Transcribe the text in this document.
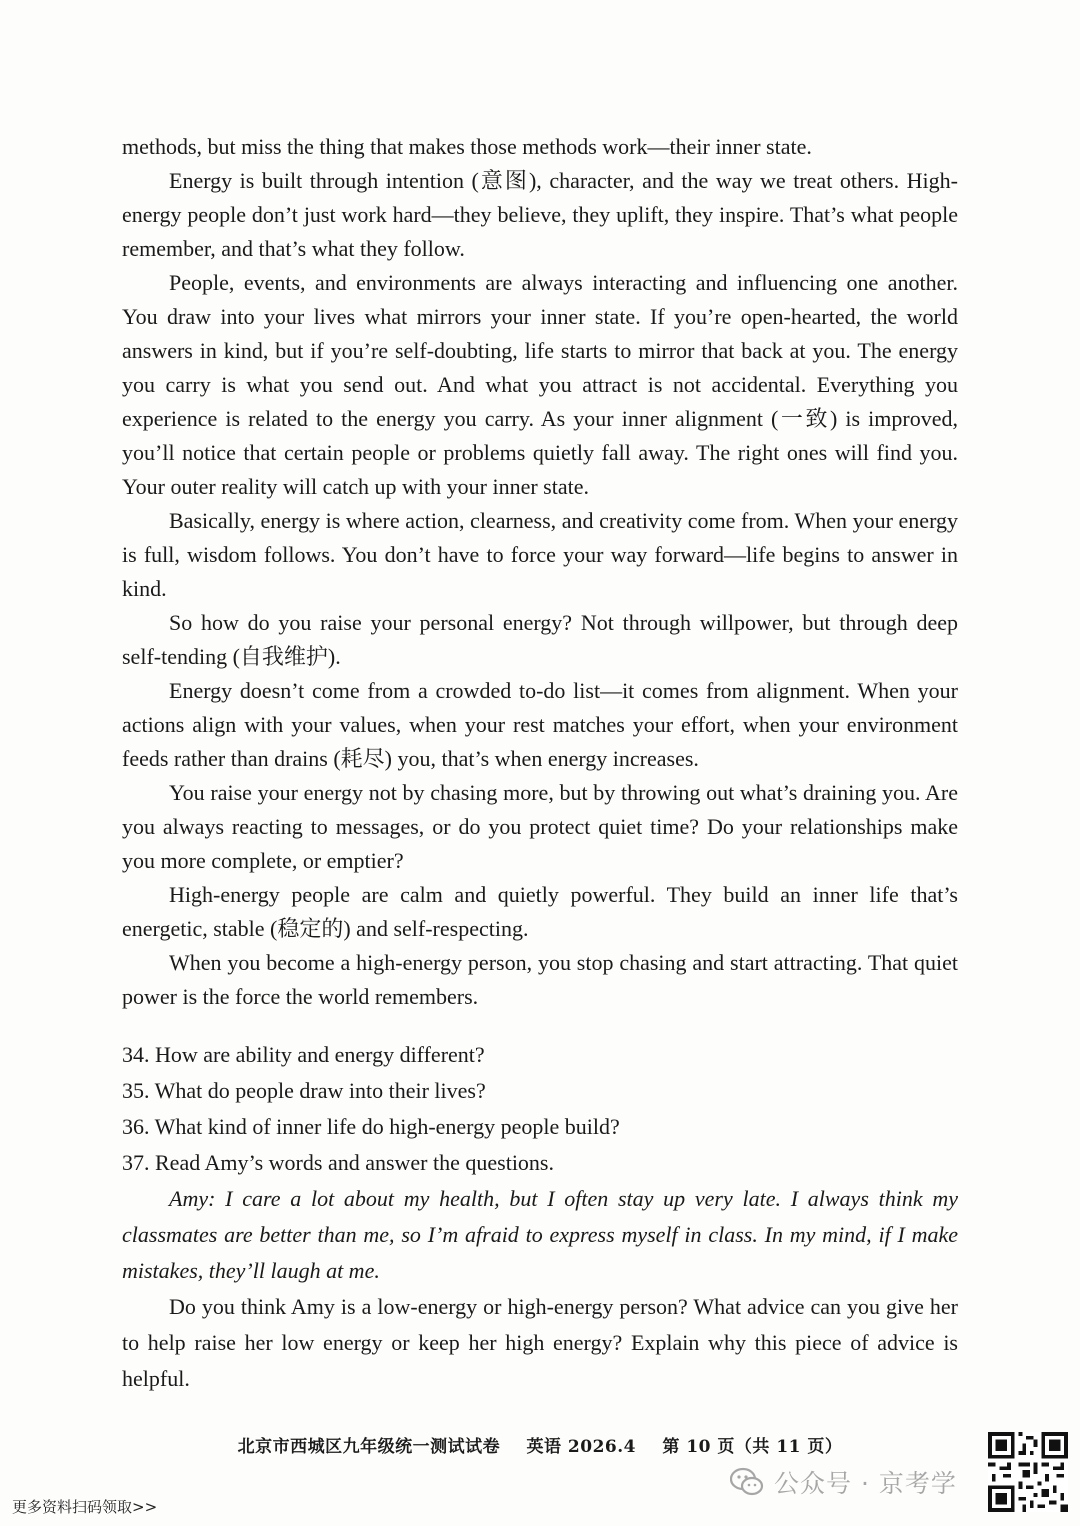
methods, but miss the thing that makes those methods work—their inner state.

Energy is built through intention (意图), character, and the way we treat others. High-energy people don’t just work hard—they believe, they uplift, they inspire. That’s what people remember, and that’s what they follow.

People, events, and environments are always interacting and influencing one another. You draw into your lives what mirrors your inner state. If you’re open-hearted, the world answers in kind, but if you’re self-doubting, life starts to mirror that back at you. The energy you carry is what you send out. And what you attract is not accidental. Everything you experience is related to the energy you carry. As your inner alignment (一致) is improved, you’ll notice that certain people or problems quietly fall away. The right ones will find you. Your outer reality will catch up with your inner state.

Basically, energy is where action, clearness, and creativity come from. When your energy is full, wisdom follows. You don’t have to force your way forward—life begins to answer in kind.

So how do you raise your personal energy? Not through willpower, but through deep self-tending (自我维护).

Energy doesn’t come from a crowded to-do list—it comes from alignment. When your actions align with your values, when your rest matches your effort, when your environment feeds rather than drains (耗尽) you, that’s when energy increases.

You raise your energy not by chasing more, but by throwing out what’s draining you. Are you always reacting to messages, or do you protect quiet time? Do your relationships make you more complete, or emptier?

High-energy people are calm and quietly powerful. They build an inner life that’s energetic, stable (稳定的) and self-respecting.

When you become a high-energy person, you stop chasing and start attracting. That quiet power is the force the world remembers.

34. How are ability and energy different?

35. What do people draw into their lives?

36. What kind of inner life do high-energy people build?

37. Read Amy’s words and answer the questions.

Amy: I care a lot about my health, but I often stay up very late. I always think my classmates are better than me, so I’m afraid to express myself in class. In my mind, if I make mistakes, they’ll laugh at me.

Do you think Amy is a low-energy or high-energy person? What advice can you give her to help raise her low energy or keep her high energy? Explain why this piece of advice is helpful.

北京市西城区九年级统一测试试卷 英语 2026.4 第 10 页（共 11 页）
公众号 · 京考学
更多资料扫码领取>>
